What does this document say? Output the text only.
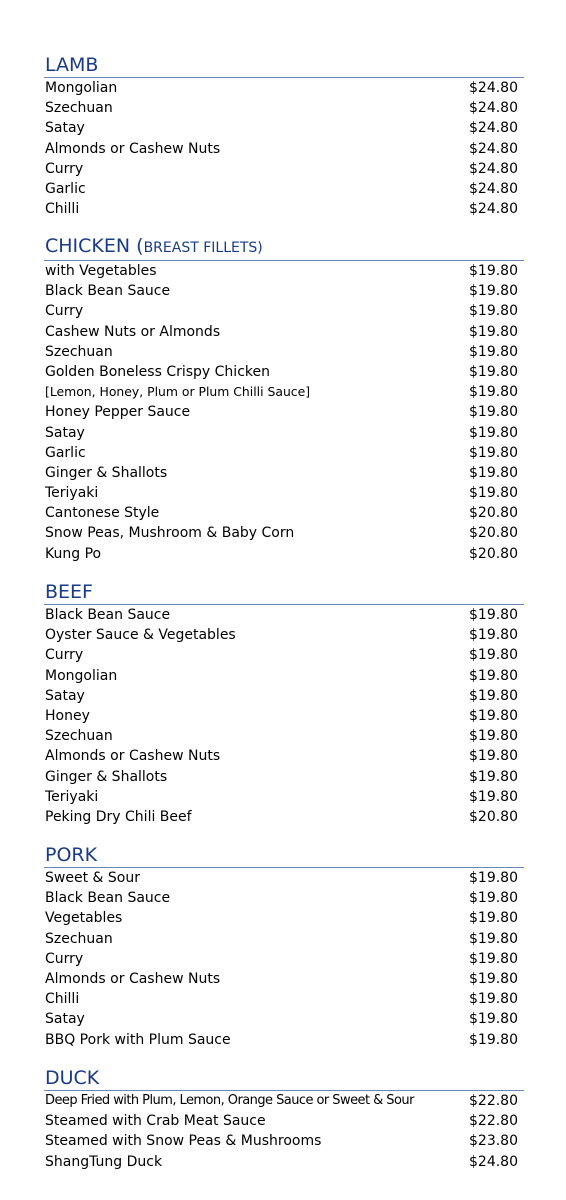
LAMB
Mongolian	$24.80
Szechuan	$24.80
Satay	$24.80
Almonds or Cashew Nuts	$24.80
Curry	$24.80
Garlic	$24.80
Chilli	$24.80
CHICKEN (BREAST FILLETS)
with Vegetables	$19.80
Black Bean Sauce	$19.80
Curry	$19.80
Cashew Nuts or Almonds	$19.80
Szechuan	$19.80
Golden Boneless Crispy Chicken	$19.80
[Lemon, Honey, Plum or Plum Chilli Sauce]	$19.80
Honey Pepper Sauce	$19.80
Satay	$19.80
Garlic	$19.80
Ginger & Shallots	$19.80
Teriyaki	$19.80
Cantonese Style	$20.80
Snow Peas, Mushroom & Baby Corn	$20.80
Kung Po	$20.80
BEEF
Black Bean Sauce	$19.80
Oyster Sauce & Vegetables	$19.80
Curry	$19.80
Mongolian	$19.80
Satay	$19.80
Honey	$19.80
Szechuan	$19.80
Almonds or Cashew Nuts	$19.80
Ginger & Shallots	$19.80
Teriyaki	$19.80
Peking Dry Chili Beef	$20.80
PORK
Sweet & Sour	$19.80
Black Bean Sauce	$19.80
Vegetables	$19.80
Szechuan	$19.80
Curry	$19.80
Almonds or Cashew Nuts	$19.80
Chilli	$19.80
Satay	$19.80
BBQ Pork with Plum Sauce	$19.80
DUCK
Deep Fried with Plum, Lemon, Orange Sauce or Sweet & Sour	$22.80
Steamed with Crab Meat Sauce	$22.80
Steamed with Snow Peas & Mushrooms	$23.80
ShangTung Duck	$24.80
